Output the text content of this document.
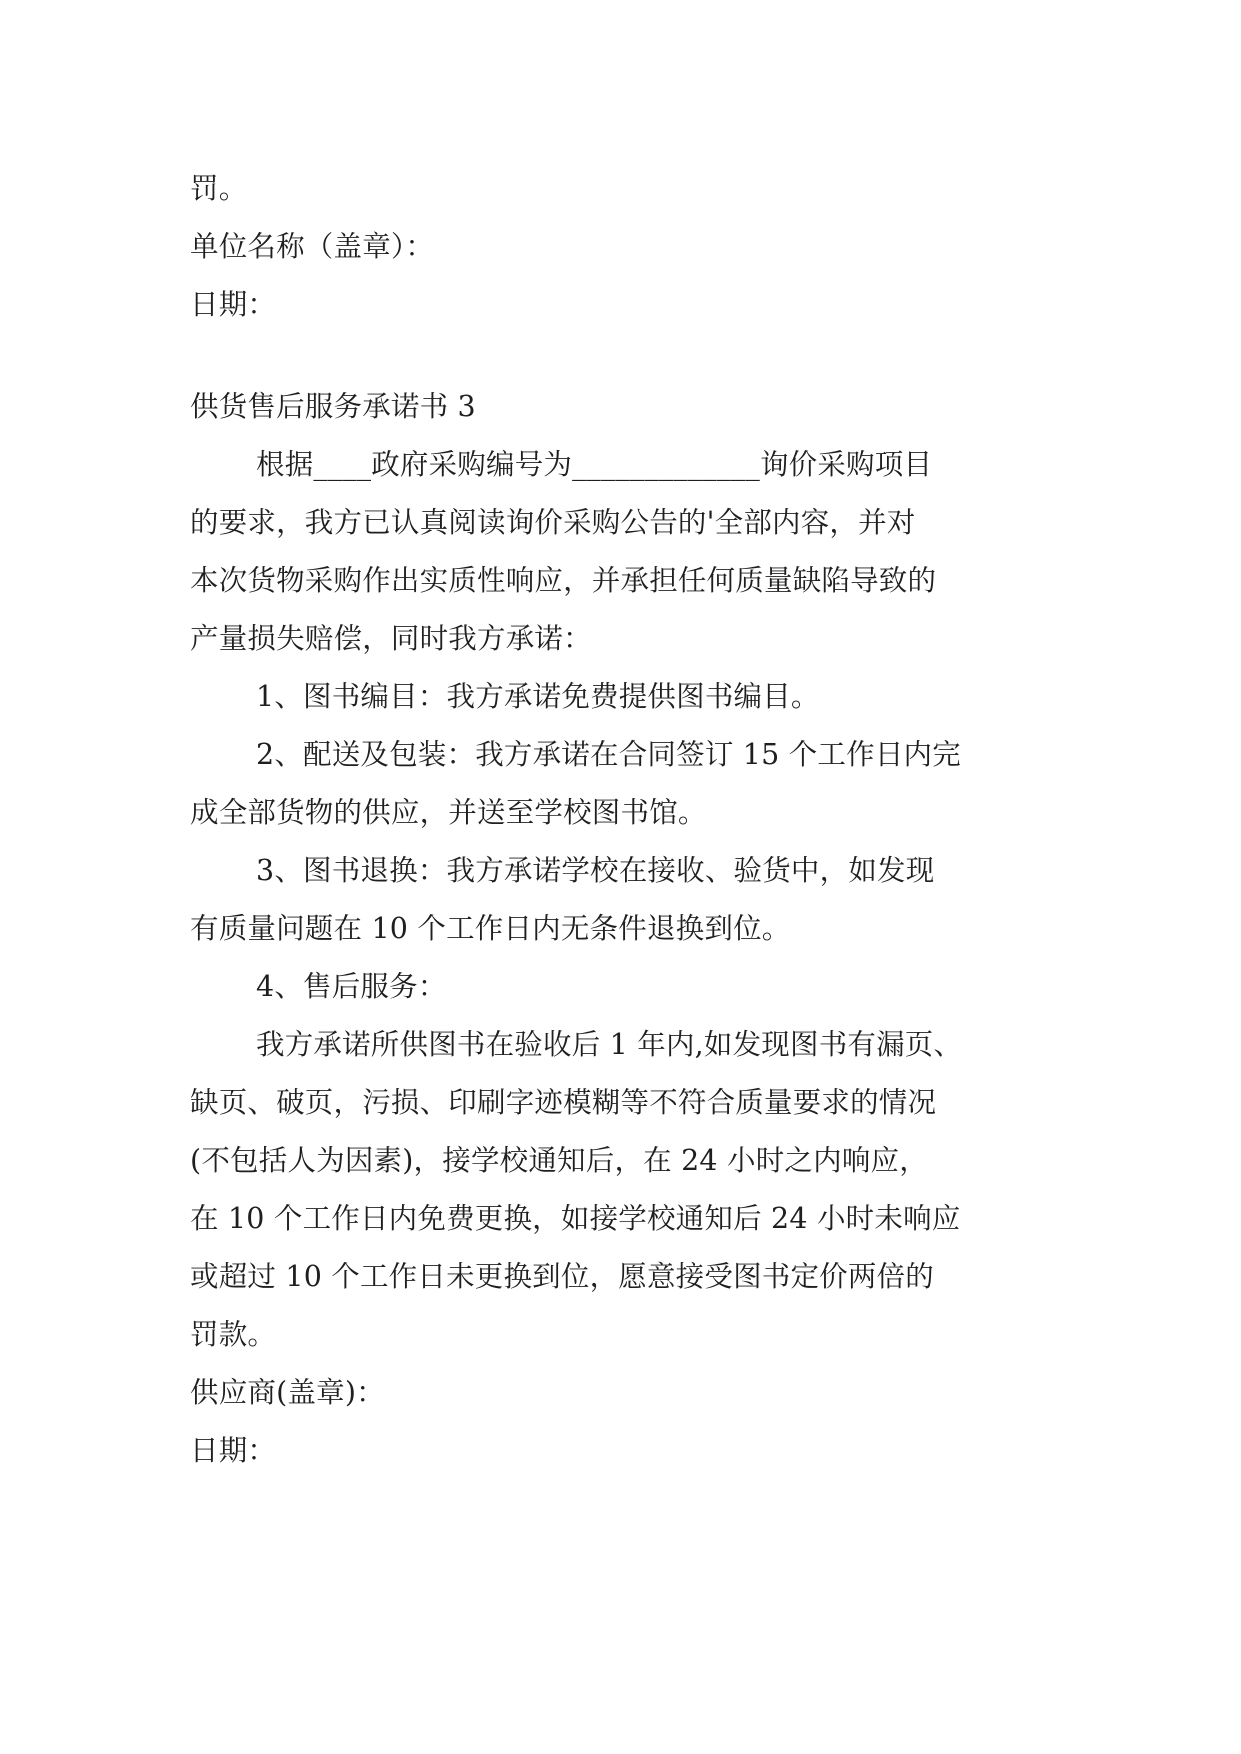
罚。
单位名称（盖章）：
日期：
供货售后服务承诺书 3
根据____政府采购编号为_____________询价采购项目
的要求，我方已认真阅读询价采购公告的'全部内容，并对
本次货物采购作出实质性响应，并承担任何质量缺陷导致的
产量损失赔偿，同时我方承诺：
1、图书编目：我方承诺免费提供图书编目。
2、配送及包装：我方承诺在合同签订 15 个工作日内完
成全部货物的供应，并送至学校图书馆。
3、图书退换：我方承诺学校在接收、验货中，如发现
有质量问题在 10 个工作日内无条件退换到位。
4、售后服务：
我方承诺所供图书在验收后 1 年内,如发现图书有漏页、
缺页、破页，污损、印刷字迹模糊等不符合质量要求的情况
(不包括人为因素)，接学校通知后，在 24 小时之内响应，
在 10 个工作日内免费更换，如接学校通知后 24 小时未响应
或超过 10 个工作日未更换到位，愿意接受图书定价两倍的
罚款。
供应商(盖章)：
日期：
